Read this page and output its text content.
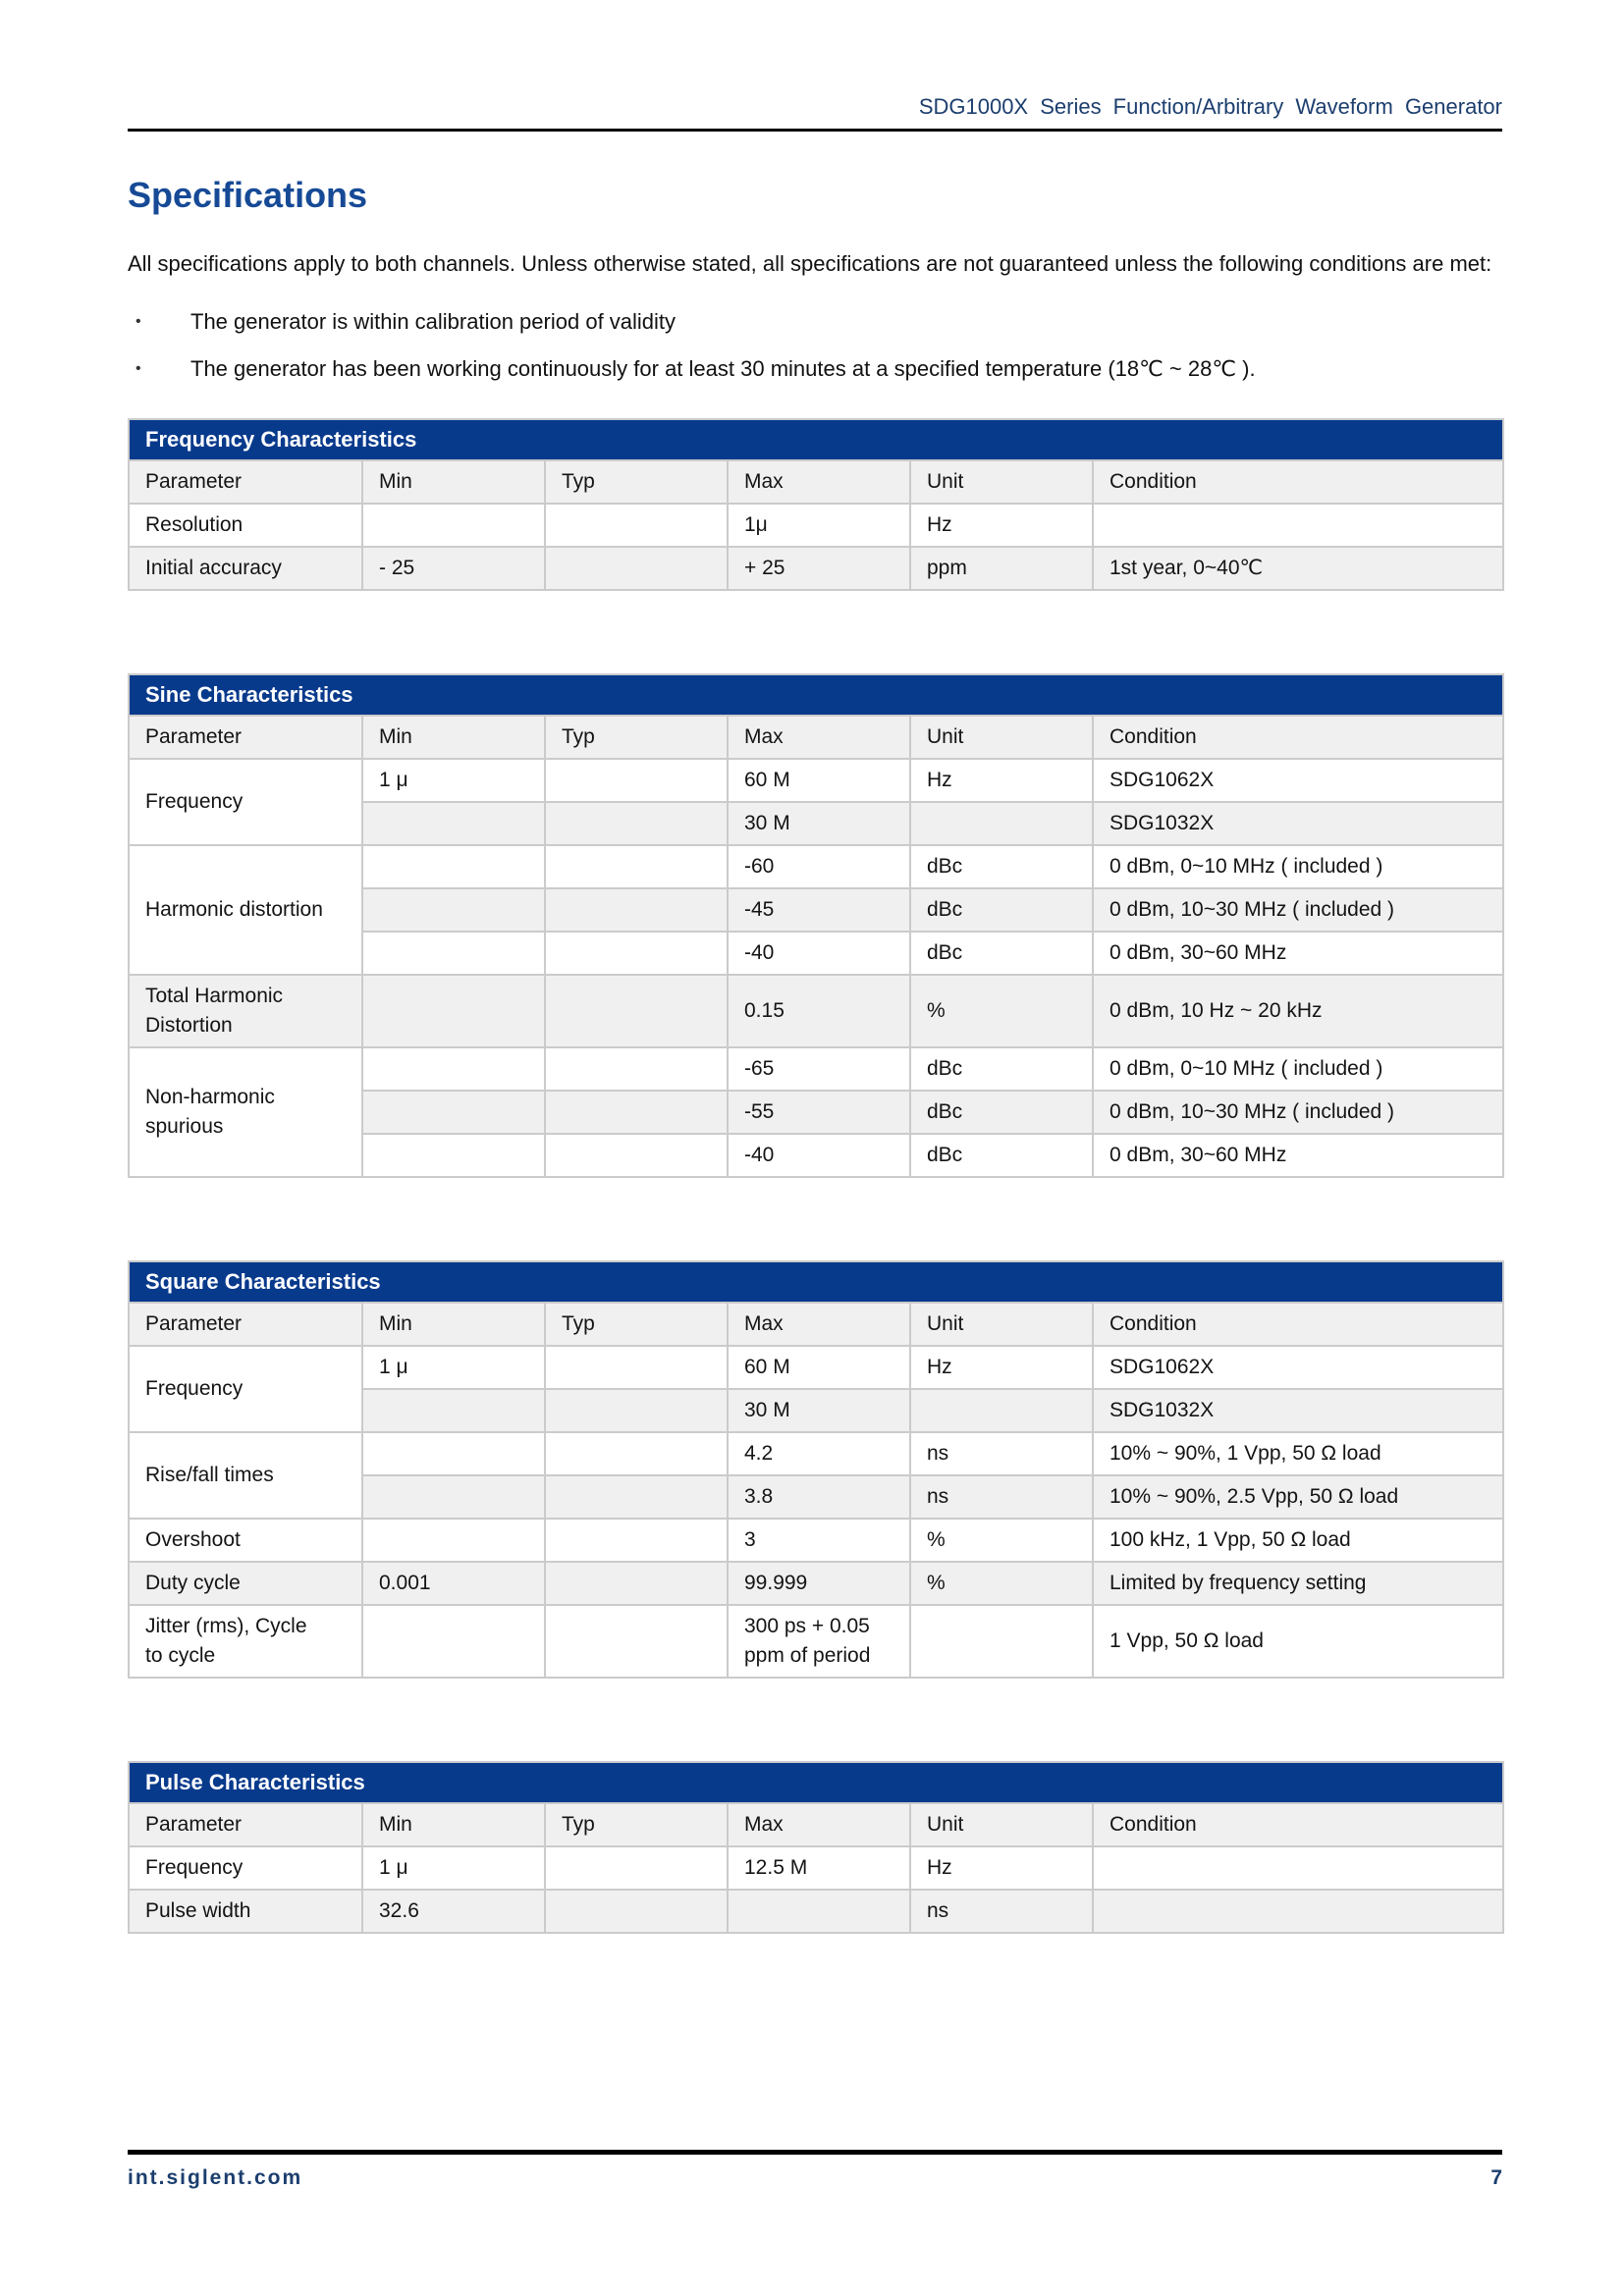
SDG1000X Series Function/Arbitrary Waveform Generator
Specifications

All specifications apply to both channels. Unless otherwise stated, all specifications are not guaranteed unless the following conditions are met:

• The generator is within calibration period of validity
• The generator has been working continuously for at least 30 minutes at a specified temperature (18℃ ~ 28℃ ).
Frequency Characteristics					
Parameter	Min	Typ	Max	Unit	Condition
Resolution			1μ	Hz	
Initial accuracy	- 25		+ 25	ppm	1st year, 0~40℃
Sine Characteristics					
Parameter	Min	Typ	Max	Unit	Condition
Frequency	1 μ		60 M	Hz	SDG1062X
			30 M		SDG1032X
Harmonic distortion			-60	dBc	0 dBm, 0~10 MHz ( included )
			-45	dBc	0 dBm, 10~30 MHz ( included )
			-40	dBc	0 dBm, 30~60 MHz
Total Harmonic Distortion			0.15	%	0 dBm, 10 Hz ~ 20 kHz
Non-harmonic spurious			-65	dBc	0 dBm, 0~10 MHz ( included )
			-55	dBc	0 dBm, 10~30 MHz ( included )
			-40	dBc	0 dBm, 30~60 MHz
Square Characteristics					
Parameter	Min	Typ	Max	Unit	Condition
Frequency	1 μ		60 M	Hz	SDG1062X
			30 M		SDG1032X
Rise/fall times			4.2	ns	10% ~ 90%, 1 Vpp, 50 Ω load
			3.8	ns	10% ~ 90%, 2.5 Vpp, 50 Ω load
Overshoot			3	%	100 kHz, 1 Vpp, 50 Ω load
Duty cycle	0.001		99.999	%	Limited by frequency setting
Jitter (rms), Cycle to cycle			300 ps + 0.05 ppm of period		1 Vpp, 50 Ω load
Pulse Characteristics					
Parameter	Min	Typ	Max	Unit	Condition
Frequency	1 μ		12.5 M	Hz	
Pulse width	32.6			ns	
int.siglent.com	7
